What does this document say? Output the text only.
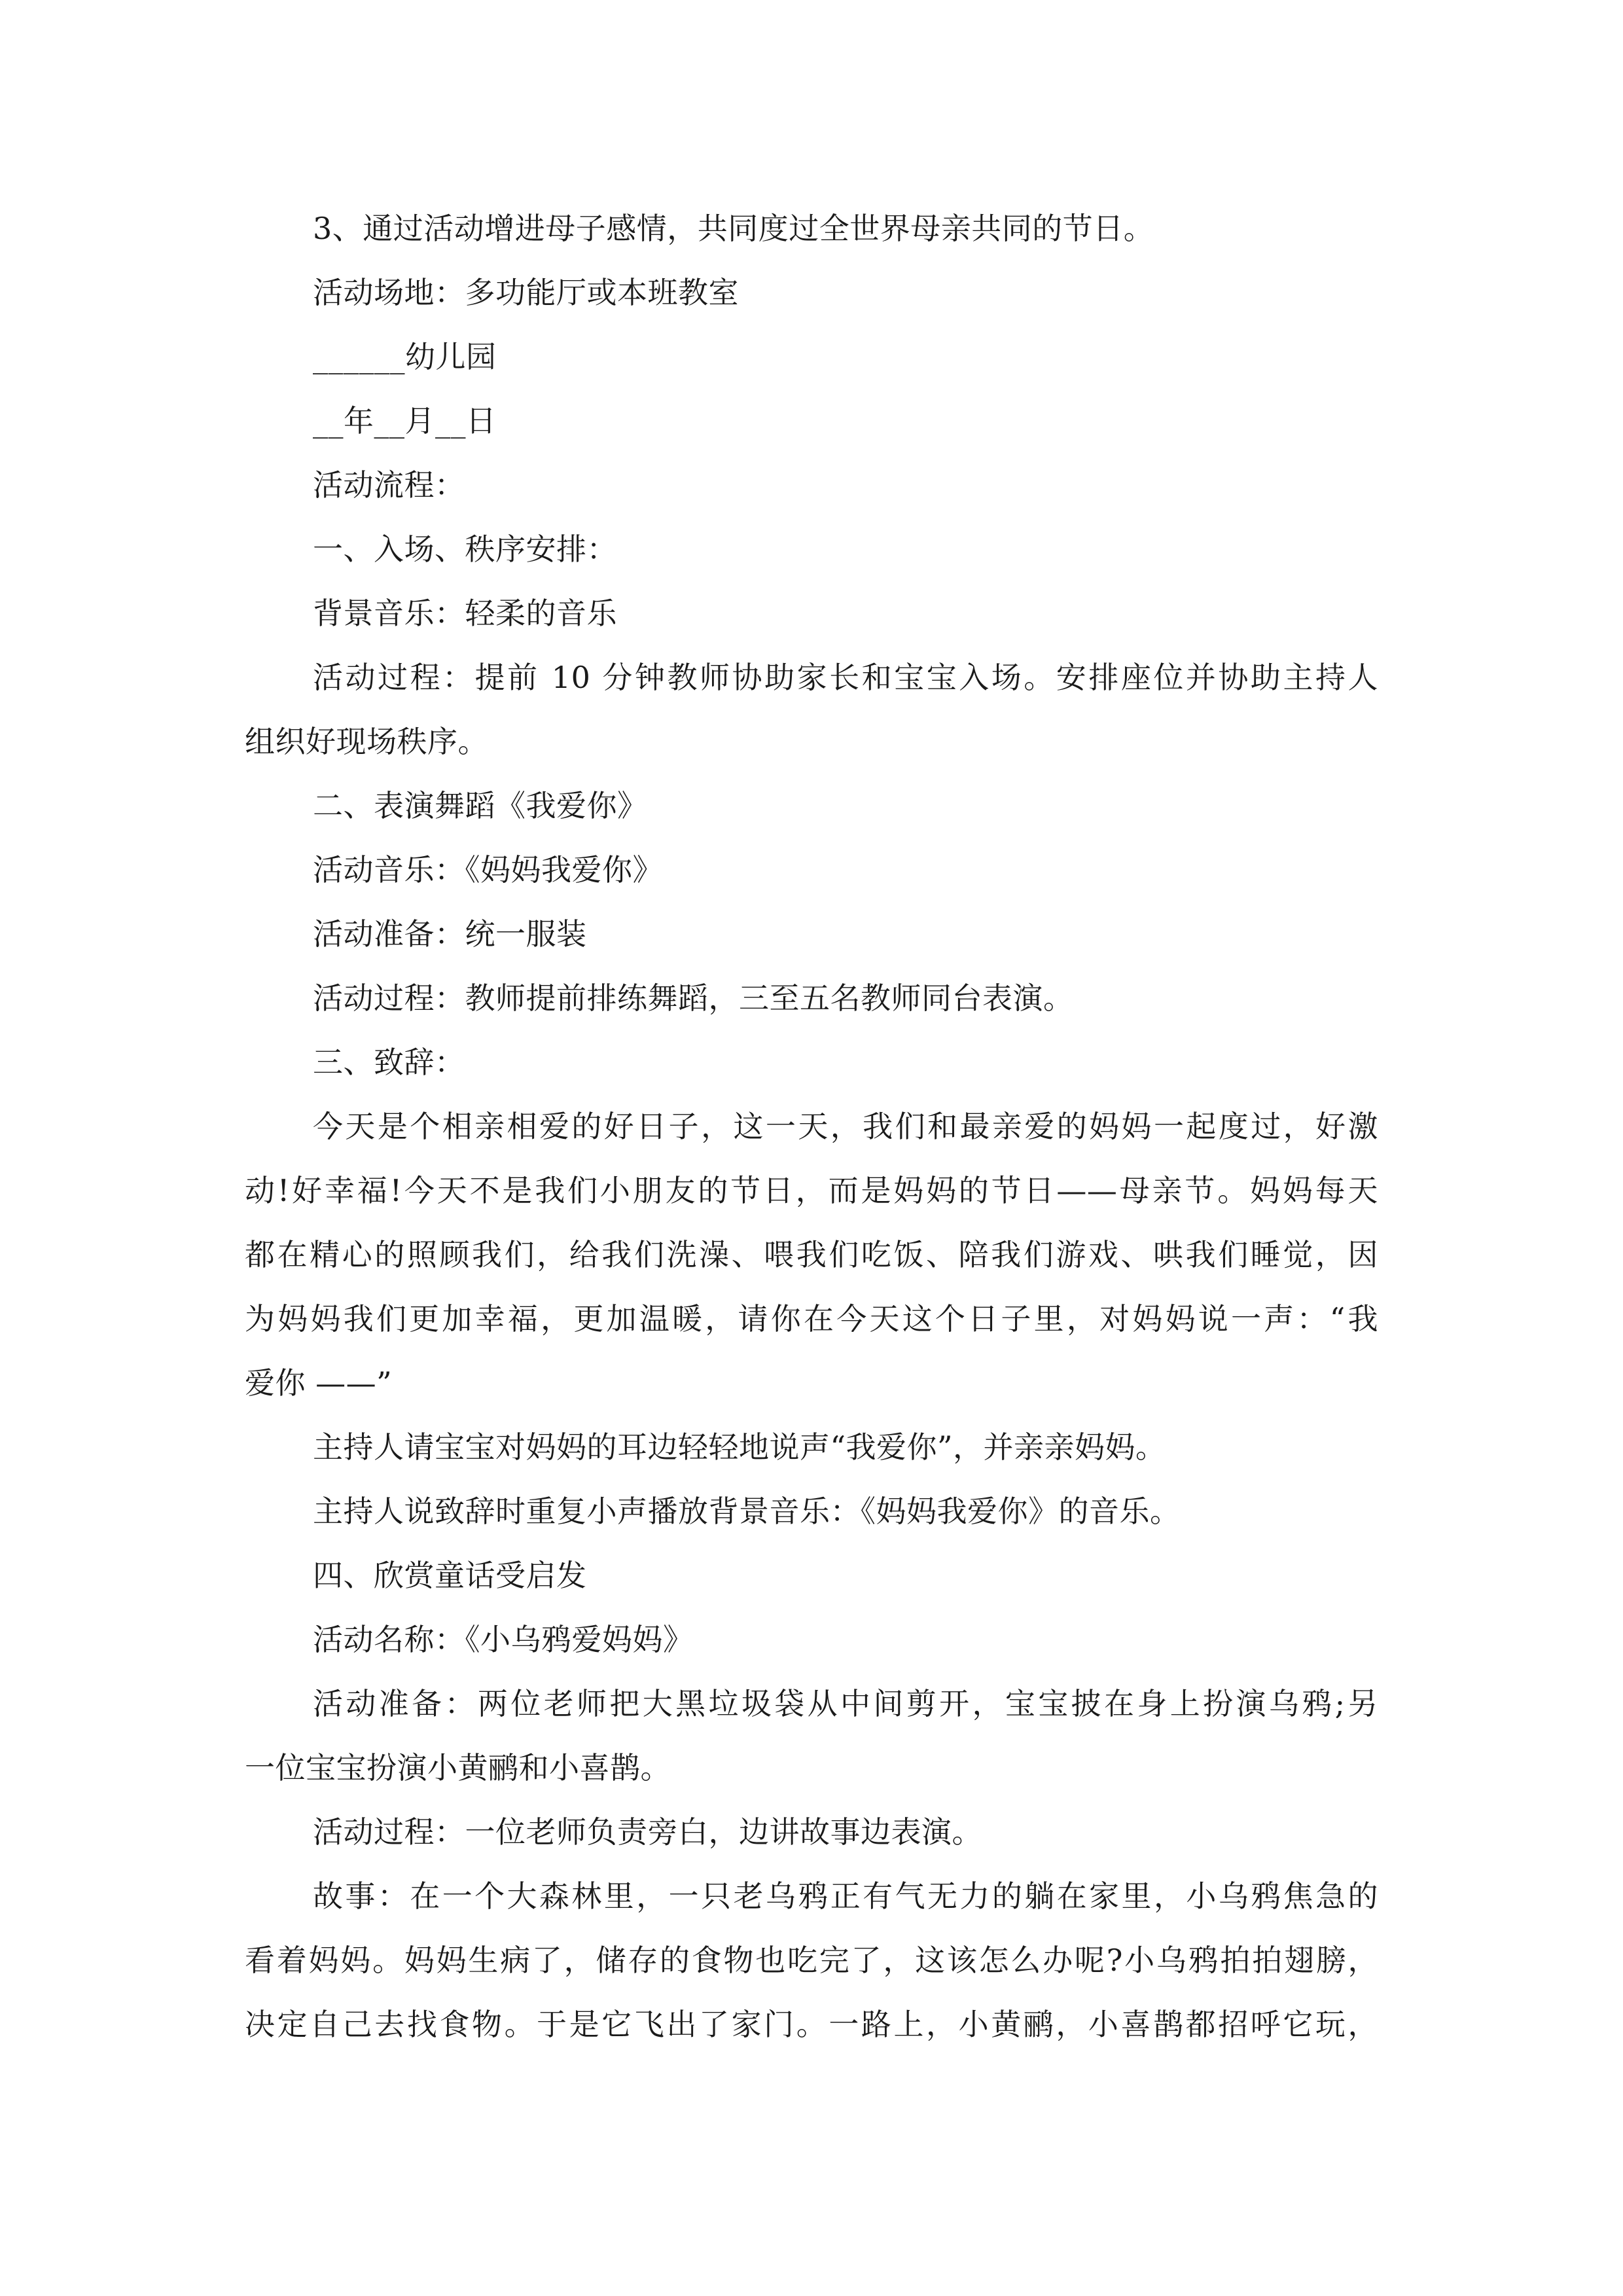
3、通过活动增进母子感情，共同度过全世界母亲共同的节日。
活动场地：多功能厅或本班教室
______幼儿园
__年__月__日
活动流程：
一、入场、秩序安排：
背景音乐：轻柔的音乐
活动过程：提前 10 分钟教师协助家长和宝宝入场。安排座位并协助主持人
组织好现场秩序。
二、表演舞蹈《我爱你》
活动音乐：《妈妈我爱你》
活动准备：统一服装
活动过程：教师提前排练舞蹈，三至五名教师同台表演。
三、致辞：
今天是个相亲相爱的好日子，这一天，我们和最亲爱的妈妈一起度过，好激
动!好幸福!今天不是我们小朋友的节日，而是妈妈的节日——母亲节。妈妈每天
都在精心的照顾我们，给我们洗澡、喂我们吃饭、陪我们游戏、哄我们睡觉，因
为妈妈我们更加幸福，更加温暖，请你在今天这个日子里，对妈妈说一声：“我
爱你 ——”
主持人请宝宝对妈妈的耳边轻轻地说声“我爱你”，并亲亲妈妈。
主持人说致辞时重复小声播放背景音乐：《妈妈我爱你》的音乐。
四、欣赏童话受启发
活动名称：《小乌鸦爱妈妈》
活动准备：两位老师把大黑垃圾袋从中间剪开，宝宝披在身上扮演乌鸦;另
一位宝宝扮演小黄鹂和小喜鹊。
活动过程：一位老师负责旁白，边讲故事边表演。
故事：在一个大森林里，一只老乌鸦正有气无力的躺在家里，小乌鸦焦急的
看着妈妈。妈妈生病了，储存的食物也吃完了，这该怎么办呢?小乌鸦拍拍翅膀，
决定自己去找食物。于是它飞出了家门。一路上，小黄鹂，小喜鹊都招呼它玩，
